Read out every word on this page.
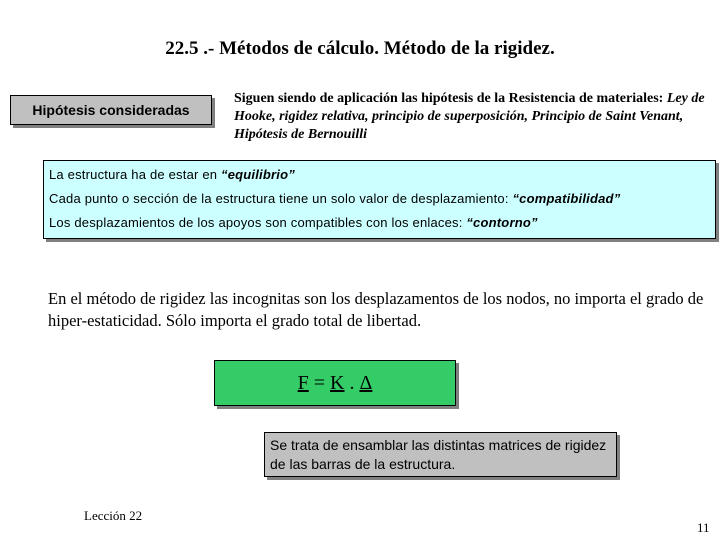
22.5 .- Métodos de cálculo. Método de la rigidez.
Hipótesis consideradas
Siguen siendo de aplicación las hipótesis de la Resistencia de materiales: Ley de Hooke, rigidez relativa, principio de superposición, Principio de Saint Venant, Hipótesis de Bernouilli
La estructura ha de estar en “equilibrio”
Cada punto o sección de la estructura tiene un solo valor de desplazamiento: “compatibilidad”
Los desplazamientos de los apoyos son compatibles con los enlaces: “contorno”
En el método de rigidez las incognitas son los desplazamentos de los nodos, no importa el grado de hiper-estaticidad. Sólo importa el grado total de libertad.
F = K . Δ
Se trata de ensamblar las distintas matrices de rigidez de las barras de la estructura.
Lección 22
11
